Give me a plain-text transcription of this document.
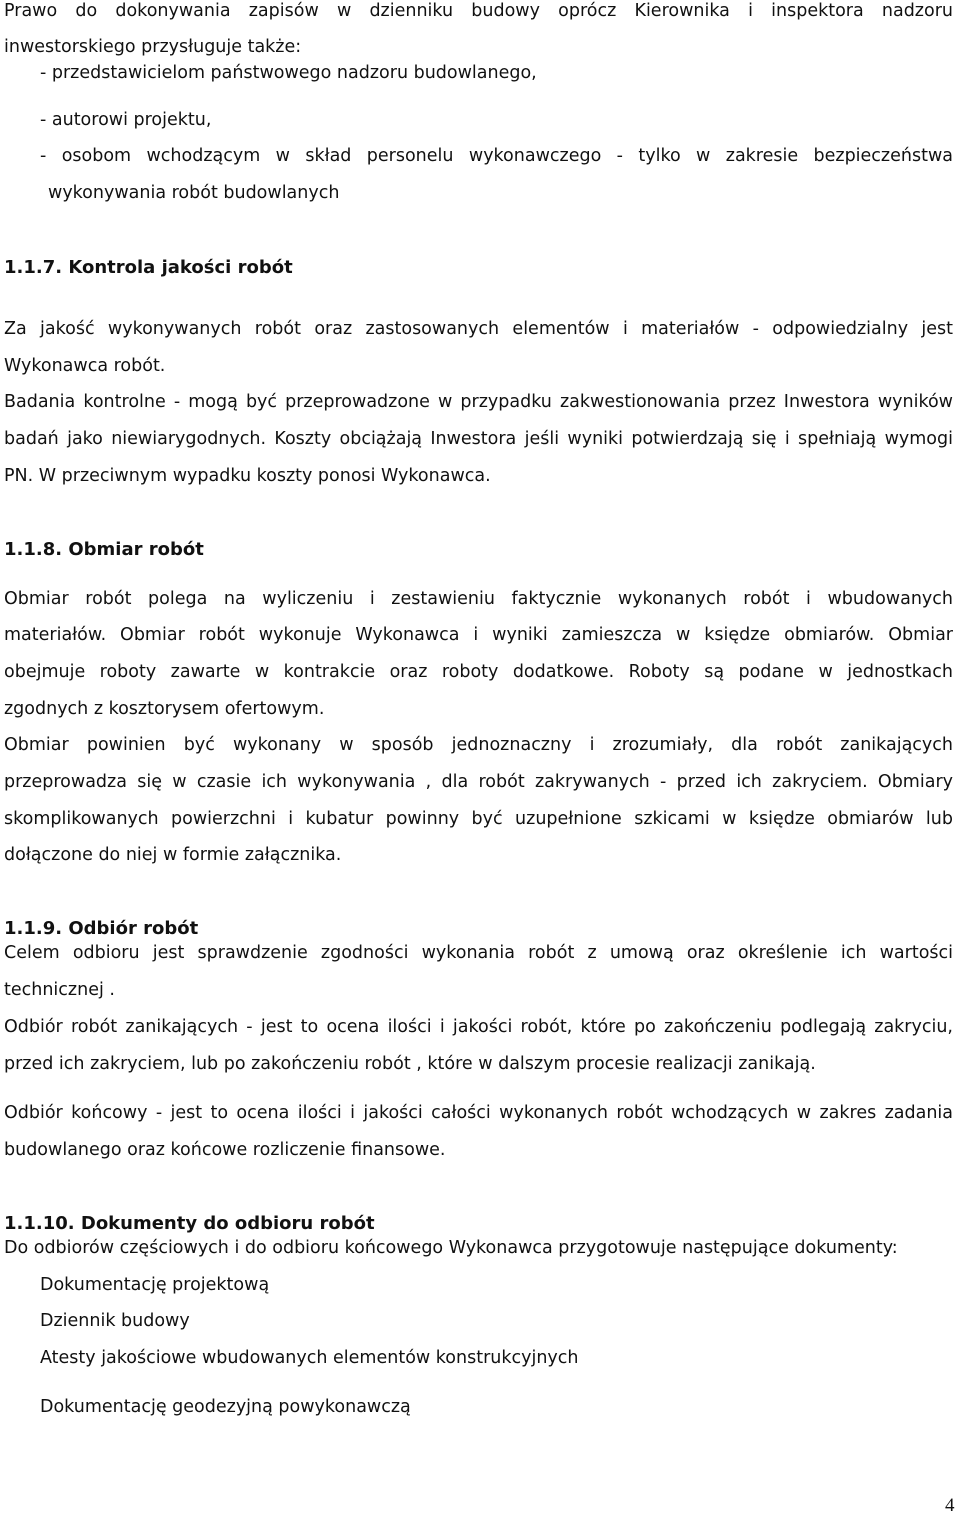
Prawo do dokonywania zapisów w dzienniku budowy oprócz Kierownika i inspektora nadzoru
inwestorskiego przysługuje także:
- przedstawicielom państwowego nadzoru budowlanego,
- autorowi projektu,
- osobom wchodzącym w skład personelu wykonawczego - tylko w zakresie bezpieczeństwa
wykonywania robót budowlanych
1.1.7. Kontrola jakości robót
Za jakość wykonywanych robót oraz zastosowanych elementów i materiałów - odpowiedzialny jest
Wykonawca robót.
Badania kontrolne - mogą być przeprowadzone w przypadku zakwestionowania przez Inwestora wyników
badań jako niewiarygodnych. Koszty obciążają Inwestora jeśli wyniki potwierdzają się i spełniają wymogi
PN. W przeciwnym wypadku koszty ponosi Wykonawca.
1.1.8. Obmiar robót
Obmiar robót polega na wyliczeniu i zestawieniu faktycznie wykonanych robót i wbudowanych
materiałów. Obmiar robót wykonuje Wykonawca i wyniki zamieszcza w księdze obmiarów. Obmiar
obejmuje roboty zawarte w kontrakcie oraz roboty dodatkowe. Roboty są podane w jednostkach
zgodnych z kosztorysem ofertowym.
Obmiar powinien być wykonany w sposób jednoznaczny i zrozumiały, dla robót zanikających
przeprowadza się w czasie ich wykonywania , dla robót zakrywanych - przed ich zakryciem. Obmiary
skomplikowanych powierzchni i kubatur powinny być uzupełnione szkicami w księdze obmiarów lub
dołączone do niej w formie załącznika.
1.1.9. Odbiór robót
Celem odbioru jest sprawdzenie zgodności wykonania robót z umową oraz określenie ich wartości
technicznej .
Odbiór robót zanikających - jest to ocena ilości i jakości robót, które po zakończeniu podlegają zakryciu,
przed ich zakryciem, lub po zakończeniu robót , które w dalszym procesie realizacji zanikają.
Odbiór końcowy - jest to ocena ilości i jakości całości wykonanych robót wchodzących w zakres zadania
budowlanego oraz końcowe rozliczenie finansowe.
1.1.10. Dokumenty do odbioru robót
Do odbiorów częściowych i do odbioru końcowego Wykonawca przygotowuje następujące dokumenty:
Dokumentację projektową
Dziennik budowy
Atesty jakościowe wbudowanych elementów konstrukcyjnych
Dokumentację geodezyjną powykonawczą
4
